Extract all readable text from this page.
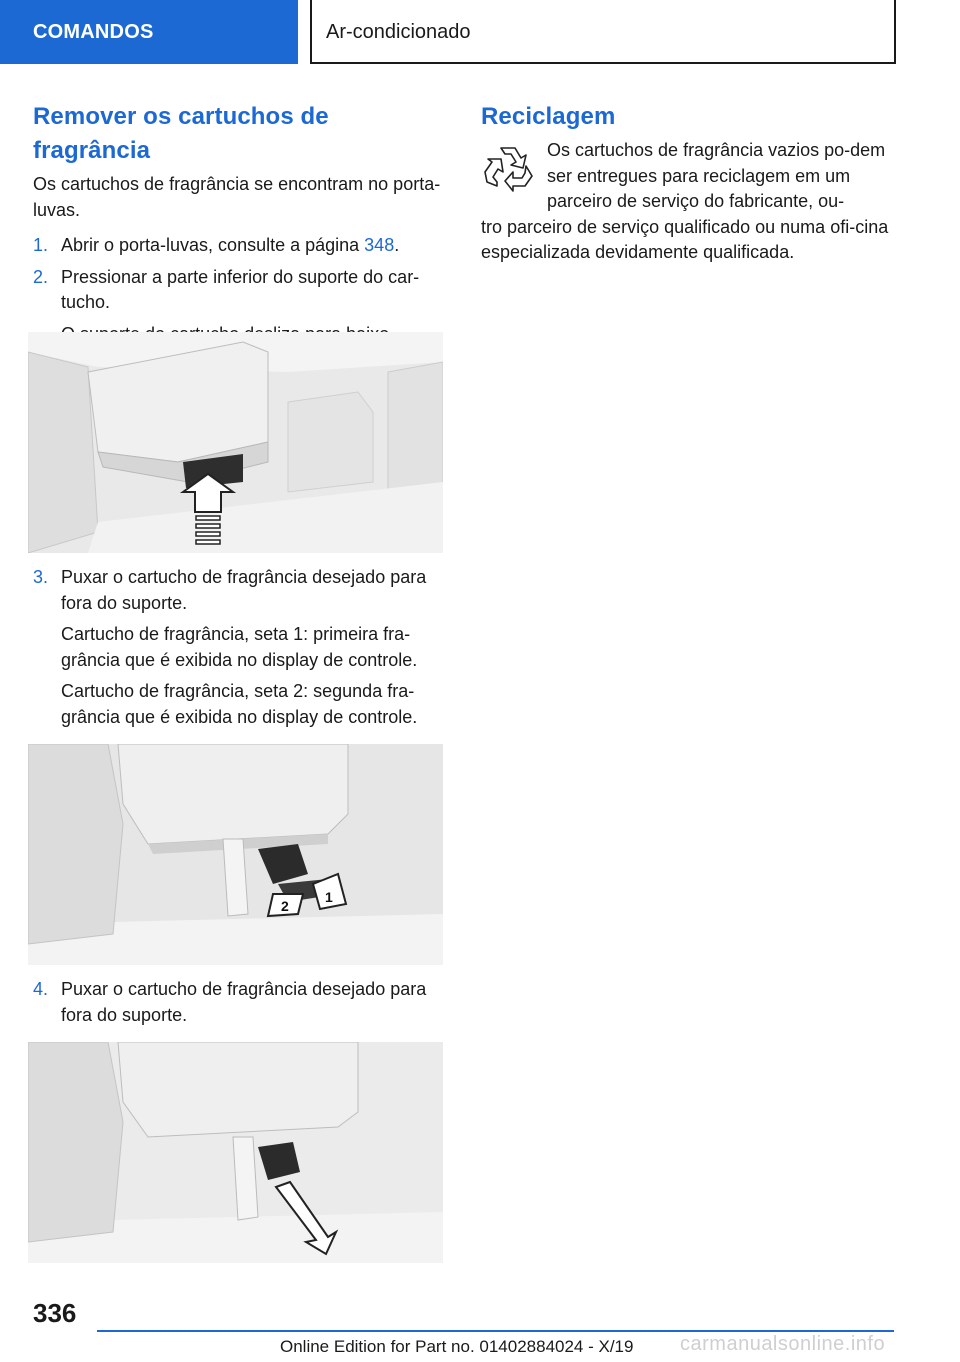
COMANDOS	Ar-condicionado
Remover os cartuchos de fragrância

Os cartuchos de fragrância se encontram no porta-luvas.

1. Abrir o porta-luvas, consulte a página 348.
2. Pressionar a parte inferior do suporte do car-tucho.
3. Puxar o cartucho de fragrância desejado para fora do suporte.
Cartucho de fragrância, seta 1: primeira fra-grância que é exibida no display de controle.
Cartucho de fragrância, seta 2: segunda fra-grância que é exibida no display de controle.
2
1
4. Puxar o cartucho de fragrância desejado para fora do suporte.
Reciclagem

Os cartuchos de fragrância vazios po-dem ser entregues para reciclagem em um parceiro de serviço do fabricante, ou-

tro parceiro de serviço qualificado ou numa ofi-cina especializada devidamente qualificada.

336
Online Edition for Part no. 01402884024 - X/19 carmanualsonline.info
